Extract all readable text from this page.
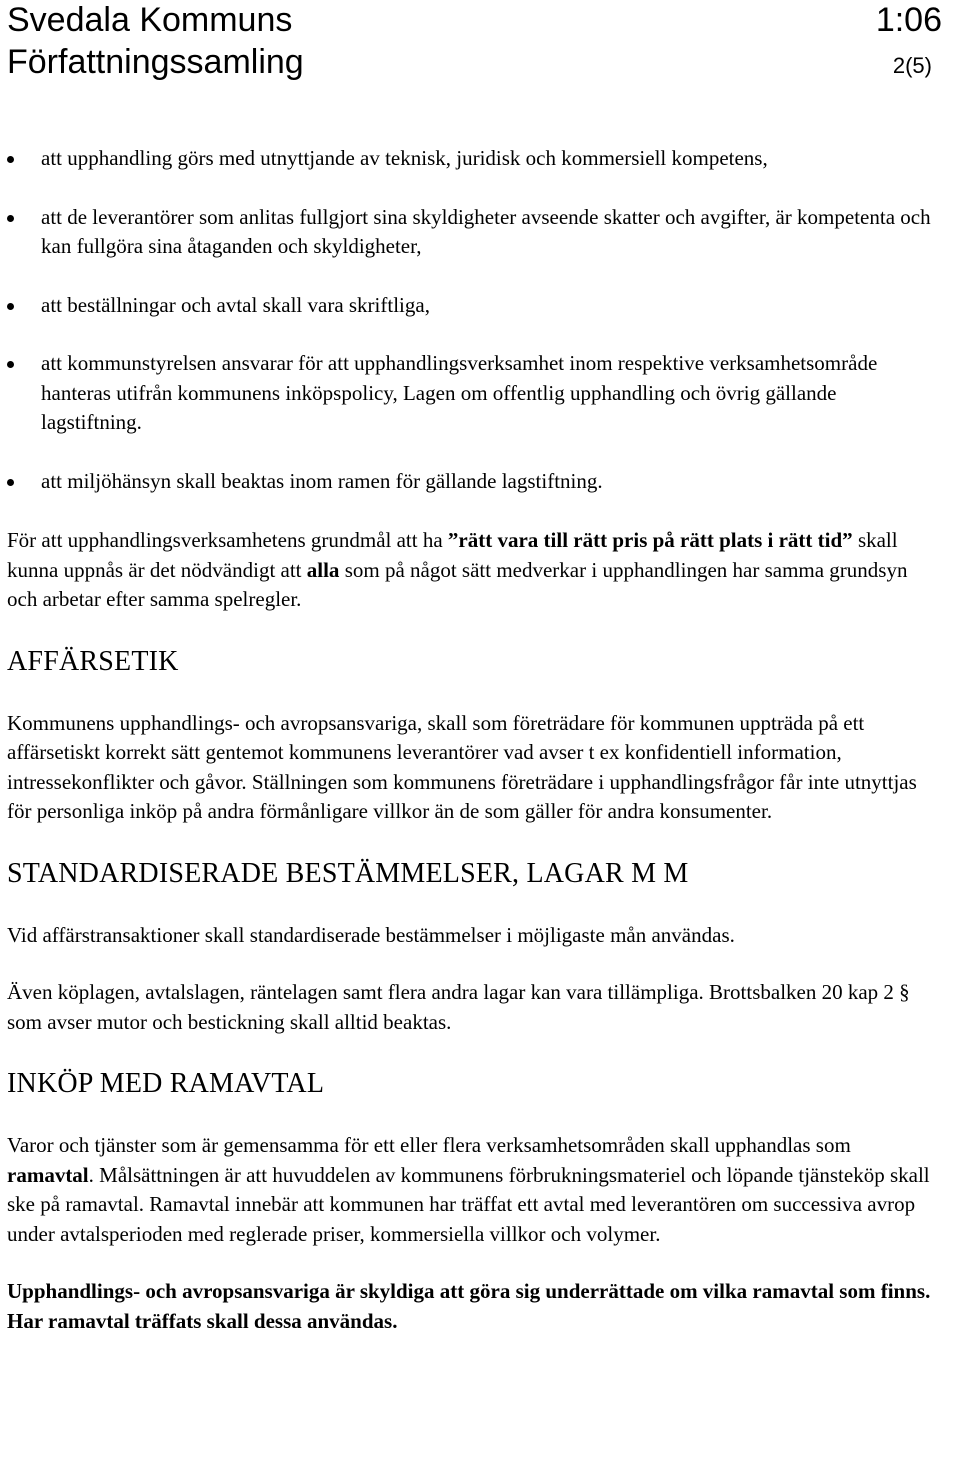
Svedala Kommuns
Författningssamling
1:06
2(5)
att upphandling görs med utnyttjande av teknisk, juridisk och kommersiell kompetens,
att de leverantörer som anlitas fullgjort sina skyldigheter avseende skatter och avgifter, är kompetenta och kan fullgöra sina åtaganden och skyldigheter,
att beställningar och avtal skall vara skriftliga,
att kommunstyrelsen ansvarar för att upphandlingsverksamhet inom respektive verksamhetsområde hanteras utifrån kommunens inköpspolicy, Lagen om offentlig upphandling och övrig gällande lagstiftning.
att miljöhänsyn skall beaktas inom ramen för gällande lagstiftning.

För att upphandlingsverksamhetens grundmål att ha ”rätt vara till rätt pris på rätt plats i rätt tid” skall kunna uppnås är det nödvändigt att alla som på något sätt medverkar i upphandlingen har samma grundsyn och arbetar efter samma spelregler.

AFFÄRSETIK

Kommunens upphandlings- och avropsansvariga, skall som företrädare för kommunen uppträda på ett affärsetiskt korrekt sätt gentemot kommunens leverantörer vad avser t ex konfidentiell information, intressekonflikter och gåvor. Ställningen som kommunens företrädare i upphandlingsfrågor får inte utnyttjas för personliga inköp på andra förmånligare villkor än de som gäller för andra konsumenter.

STANDARDISERADE BESTÄMMELSER, LAGAR M M

Vid affärstransaktioner skall standardiserade bestämmelser i möjligaste mån användas.

Även köplagen, avtalslagen, räntelagen samt flera andra lagar kan vara tillämpliga. Brottsbalken 20 kap 2 § som avser mutor och bestickning skall alltid beaktas.

INKÖP MED RAMAVTAL

Varor och tjänster som är gemensamma för ett eller flera verksamhetsområden skall upphandlas som ramavtal. Målsättningen är att huvuddelen av kommunens förbrukningsmateriel och löpande tjänsteköp skall ske på ramavtal. Ramavtal innebär att kommunen har träffat ett avtal med leverantören om successiva avrop under avtalsperioden med reglerade priser, kommersiella villkor och volymer.

Upphandlings- och avropsansvariga är skyldiga att göra sig underrättade om vilka ramavtal som finns. Har ramavtal träffats skall dessa användas.
